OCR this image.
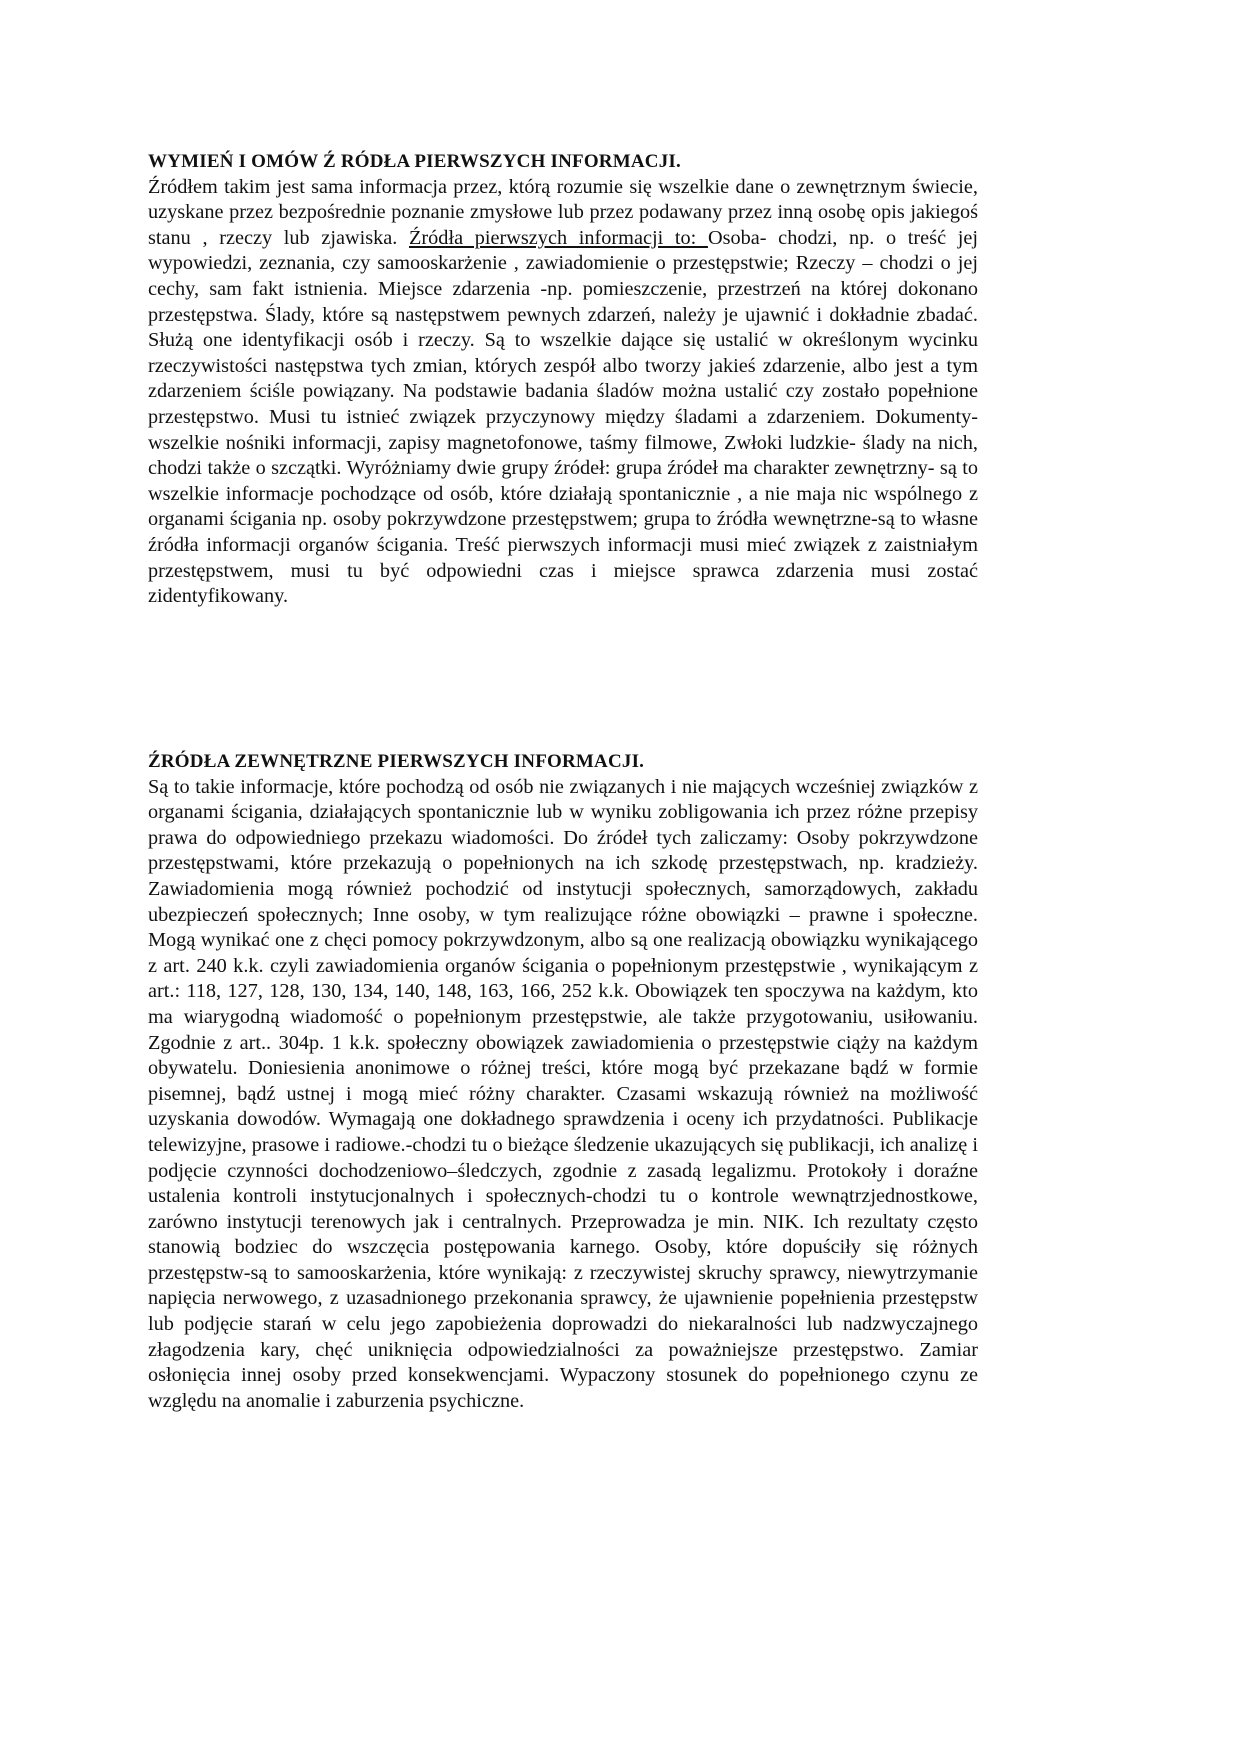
WYMIEŃ I OMÓW Ź RÓDŁA PIERWSZYCH INFORMACJI.

Źródłem takim jest sama informacja przez, którą rozumie się wszelkie dane o zewnętrznym świecie, uzyskane przez bezpośrednie poznanie zmysłowe lub przez podawany przez inną osobę opis jakiegoś stanu , rzeczy lub zjawiska. Źródła pierwszych informacji to: Osoba- chodzi, np. o treść jej wypowiedzi, zeznania, czy samooskarżenie , zawiadomienie o przestępstwie; Rzeczy – chodzi o jej cechy, sam fakt istnienia. Miejsce zdarzenia -np. pomieszczenie, przestrzeń na której dokonano przestępstwa. Ślady, które są następstwem pewnych zdarzeń, należy je ujawnić i dokładnie zbadać. Służą one identyfikacji osób i rzeczy. Są to wszelkie dające się ustalić w określonym wycinku rzeczywistości następstwa tych zmian, których zespół albo tworzy jakieś zdarzenie, albo jest a tym zdarzeniem ściśle powiązany. Na podstawie badania śladów można ustalić czy zostało popełnione przestępstwo. Musi tu istnieć związek przyczynowy między śladami a zdarzeniem. Dokumenty- wszelkie nośniki informacji, zapisy magnetofonowe, taśmy filmowe, Zwłoki ludzkie- ślady na nich, chodzi także o szczątki. Wyróżniamy dwie grupy źródeł: grupa źródeł ma charakter zewnętrzny- są to wszelkie informacje pochodzące od osób, które działają spontanicznie , a nie maja nic wspólnego z organami ścigania np. osoby pokrzywdzone przestępstwem; grupa to źródła wewnętrzne-są to własne źródła informacji organów ścigania. Treść pierwszych informacji musi mieć związek z zaistniałym przestępstwem, musi tu być odpowiedni czas i miejsce sprawca zdarzenia musi zostać zidentyfikowany.

ŹRÓDŁA ZEWNĘTRZNE PIERWSZYCH INFORMACJI.

Są to takie informacje, które pochodzą od osób nie związanych i nie mających wcześniej związków z organami ścigania, działających spontanicznie lub w wyniku zobligowania ich przez różne przepisy prawa do odpowiedniego przekazu wiadomości. Do źródeł tych zaliczamy: Osoby pokrzywdzone przestępstwami, które przekazują o popełnionych na ich szkodę przestępstwach, np. kradzieży. Zawiadomienia mogą również pochodzić od instytucji społecznych, samorządowych, zakładu ubezpieczeń społecznych; Inne osoby, w tym realizujące różne obowiązki – prawne i społeczne. Mogą wynikać one z chęci pomocy pokrzywdzonym, albo są one realizacją obowiązku wynikającego z art. 240 k.k. czyli zawiadomienia organów ścigania o popełnionym przestępstwie , wynikającym z art.: 118, 127, 128, 130, 134, 140, 148, 163, 166, 252 k.k. Obowiązek ten spoczywa na każdym, kto ma wiarygodną wiadomość o popełnionym przestępstwie, ale także przygotowaniu, usiłowaniu. Zgodnie z art.. 304p. 1 k.k. społeczny obowiązek zawiadomienia o przestępstwie ciąży na każdym obywatelu. Doniesienia anonimowe o różnej treści, które mogą być przekazane bądź w formie pisemnej, bądź ustnej i mogą mieć różny charakter. Czasami wskazują również na możliwość uzyskania dowodów. Wymagają one dokładnego sprawdzenia i oceny ich przydatności. Publikacje telewizyjne, prasowe i radiowe.-chodzi tu o bieżące śledzenie ukazujących się publikacji, ich analizę i podjęcie czynności dochodzeniowo–śledczych, zgodnie z zasadą legalizmu. Protokoły i doraźne ustalenia kontroli instytucjonalnych i społecznych-chodzi tu o kontrole wewnątrzjednostkowe, zarówno instytucji terenowych jak i centralnych. Przeprowadza je min. NIK. Ich rezultaty często stanowią bodziec do wszczęcia postępowania karnego. Osoby, które dopuściły się różnych przestępstw-są to samooskarżenia, które wynikają: z rzeczywistej skruchy sprawcy, niewytrzymanie napięcia nerwowego, z uzasadnionego przekonania sprawcy, że ujawnienie popełnienia przestępstw lub podjęcie starań w celu jego zapobieżenia doprowadzi do niekaralności lub nadzwyczajnego złagodzenia kary, chęć uniknięcia odpowiedzialności za poważniejsze przestępstwo. Zamiar osłonięcia innej osoby przed konsekwencjami. Wypaczony stosunek do popełnionego czynu ze względu na anomalie i zaburzenia psychiczne.
